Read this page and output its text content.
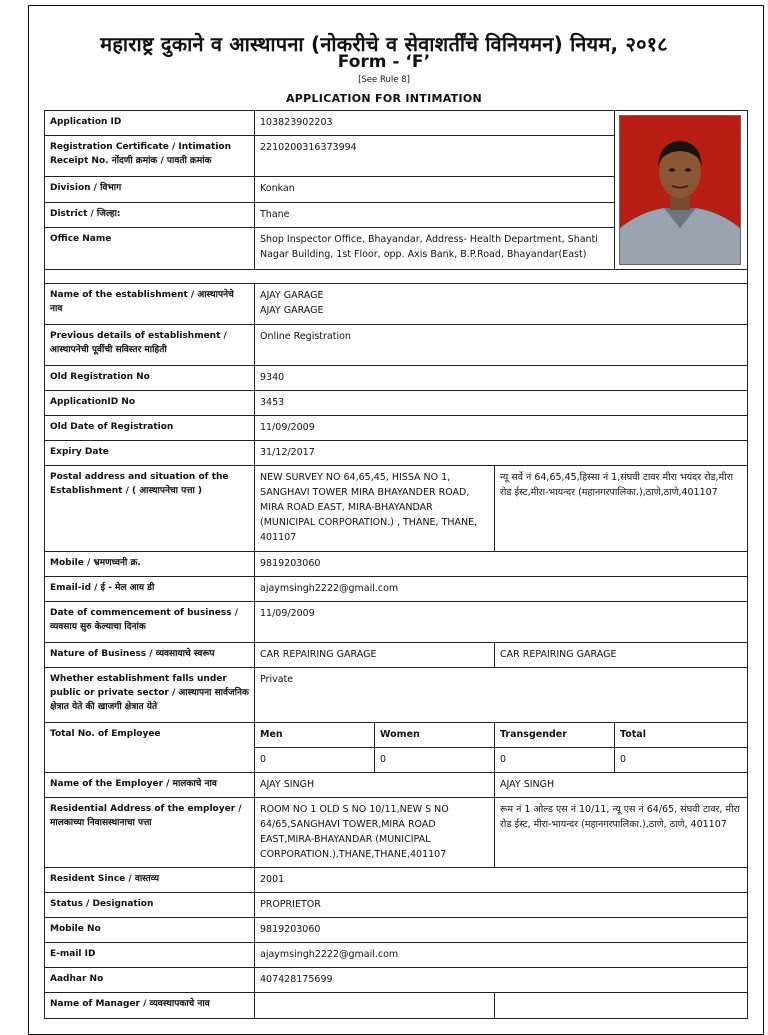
महाराष्ट्र दुकाने व आस्थापना (नोकरीचे व सेवाशर्तींचे विनियमन) नियम, २०१८
Form - ‘F’
[See Rule 8]
APPLICATION FOR INTIMATION
Application ID	103823902203	

Registration Certificate / Intimation Receipt No. नोंदणी क्रमांक / पावती क्रमांक	2210200316373994			
Division / विभाग	Konkan			
District / जिल्हा:	Thane			
Office Name	Shop Inspector Office, Bhayandar, Address- Health Department, Shanti Nagar Building, 1st Floor, opp. Axis Bank, B.P.Road, Bhayandar(East)			

Name of the establishment / आस्थापनेचे नाव	AJAY GARAGE
AJAY GARAGE			

Previous details of establishment / आस्थापनेची पूर्वीची सविस्तर माहिती	Online Registration			
Old Registration No	9340			
ApplicationID No	3453			
Old Date of Registration	11/09/2009			
Expiry Date	31/12/2017			
Postal address and situation of the Establishment / ( आस्थापनेचा पत्ता )	NEW SURVEY NO 64,65,45, HISSA NO 1, SANGHAVI TOWER MIRA BHAYANDER ROAD, MIRA ROAD EAST, MIRA-BHAYANDAR (MUNICIPAL CORPORATION.) , THANE, THANE, 401107		न्यू सर्वे नं 64,65,45,हिस्सा नं 1,संघवी टावर मीरा भयंदर रोड,मीरा रोड ईस्ट,मीरा-भायन्दर (महानगरपालिका.),ठाणे,ठाणे,401107	
Mobile / भ्रमणध्वनी क्र.	9819203060			
Email-id / ई - मेल आय डी	ajaymsingh2222@gmail.com			
Date of commencement of business / व्यवसाय सुरु केल्याचा दिनांक	11/09/2009			
Nature of Business / व्यवसायाचे स्वरूप	CAR REPAIRING GARAGE		CAR REPAIRING GARAGE	
Whether establishment falls under public or private sector / आस्थापना सार्वजनिक क्षेत्रात येते की खाजगी क्षेत्रात येते	Private			
Total No. of Employee	Men	Women	Transgender	Total
	0	0	0	0
Name of the Employer / मालकाचे नाव	AJAY SINGH		AJAY SINGH	
Residential Address of the employer / मालकाच्या निवासस्थानाचा पत्ता	ROOM NO 1 OLD S NO 10/11,NEW S NO 64/65,SANGHAVI TOWER,MIRA ROAD EAST,MIRA-BHAYANDAR (MUNICIPAL CORPORATION.),THANE,THANE,401107		रूम नं 1 ओल्ड एस नं 10/11, न्यू एस नं 64/65, संघवी टावर, मीरा रोड ईस्ट, मीरा-भायन्दर (महानगरपालिका.),ठाणे, ठाणे, 401107	
Resident Since / वास्तव्य	2001			
Status / Designation	PROPRIETOR			
Mobile No	9819203060			
E-mail ID	ajaymsingh2222@gmail.com			
Aadhar No	407428175699			
Name of Manager / व्यवस्थापकाचे नाव				
